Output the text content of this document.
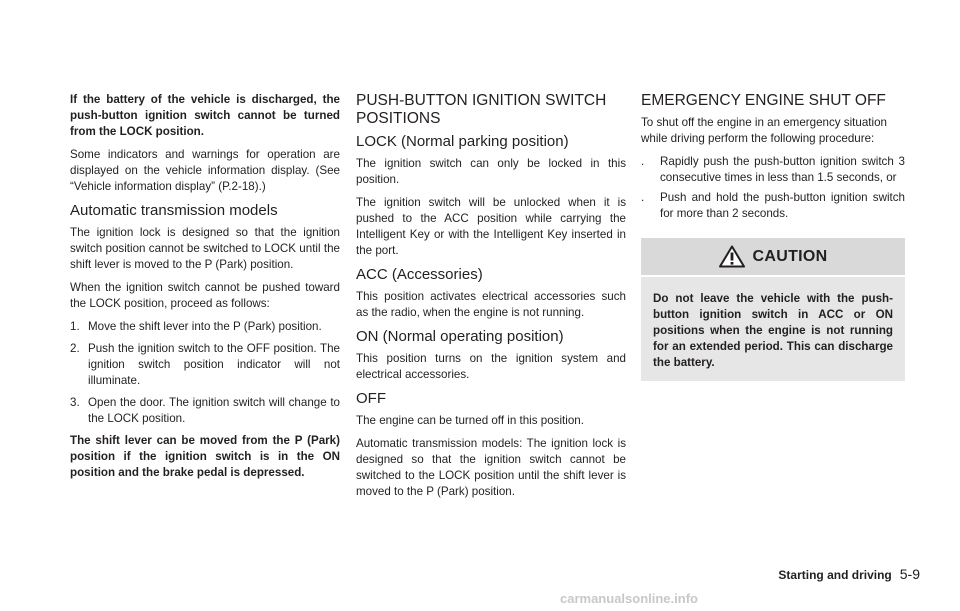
If the battery of the vehicle is discharged, the push-button ignition switch cannot be turned from the LOCK position.

Some indicators and warnings for operation are displayed on the vehicle information display. (See “Vehicle information display” (P.2-18).)

Automatic transmission models

The ignition lock is designed so that the ignition switch position cannot be switched to LOCK until the shift lever is moved to the P (Park) position.

When the ignition switch cannot be pushed toward the LOCK position, proceed as follows:

1. Move the shift lever into the P (Park) position.
2. Push the ignition switch to the OFF position. The ignition switch position indicator will not illuminate.
3. Open the door. The ignition switch will change to the LOCK position.

The shift lever can be moved from the P (Park) position if the ignition switch is in the ON position and the brake pedal is depressed.

PUSH-BUTTON IGNITION SWITCH POSITIONS
LOCK (Normal parking position)

The ignition switch can only be locked in this position.

The ignition switch will be unlocked when it is pushed to the ACC position while carrying the Intelligent Key or with the Intelligent Key inserted in the port.

ACC (Accessories)

This position activates electrical accessories such as the radio, when the engine is not running.

ON (Normal operating position)

This position turns on the ignition system and electrical accessories.

OFF

The engine can be turned off in this position.

Automatic transmission models: The ignition lock is designed so that the ignition switch cannot be switched to the LOCK position until the shift lever is moved to the P (Park) position.

EMERGENCY ENGINE SHUT OFF

To shut off the engine in an emergency situation while driving perform the following procedure:

.	Rapidly push the push-button ignition switch 3 consecutive times in less than 1.5 seconds, or
.	Push and hold the push-button ignition switch for more than 2 seconds.
CAUTION
Do not leave the vehicle with the push-button ignition switch in ACC or ON positions when the engine is not running for an extended period. This can discharge the battery.
Starting and driving 5-9
carmanualsonline.info
